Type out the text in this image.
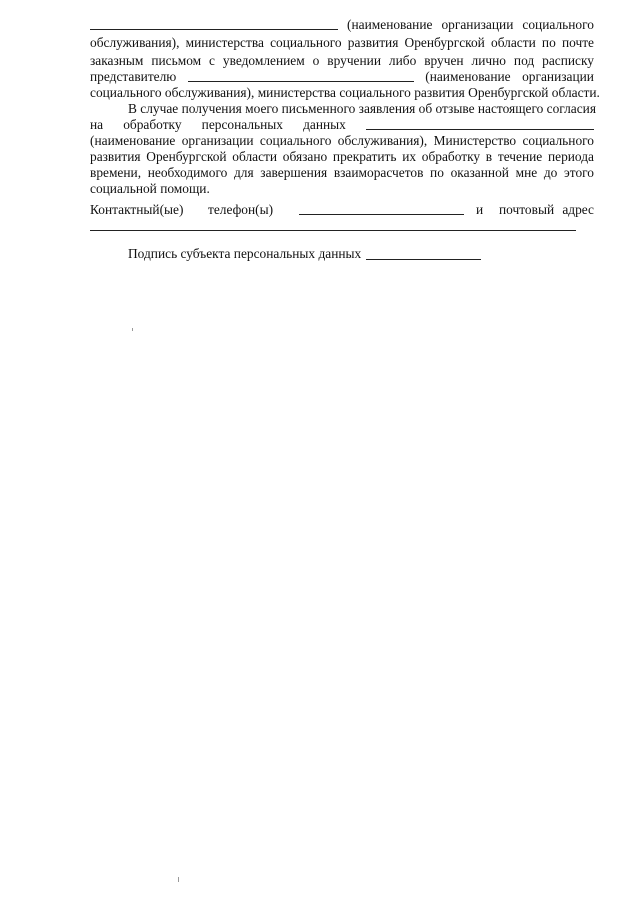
(наименование организации социального
обслуживания), министерства социального развития Оренбургской области по почте
заказным письмом с уведомлением о вручении либо вручен лично под расписку
представителю	(наименование организации
социального обслуживания), министерства социального развития Оренбургской области.
В случае получения моего письменного заявления об отзыве настоящего согласия
на обработку персональных данных
(наименование организации социального обслуживания), Министерство социального
развития Оренбургской области обязано прекратить их обработку в течение периода
времени, необходимого для завершения взаиморасчетов по оказанной мне до этого
социальной помощи.
Контактный(ые) телефон(ы)	и почтовый адрес
Подпись субъекта персональных данных
